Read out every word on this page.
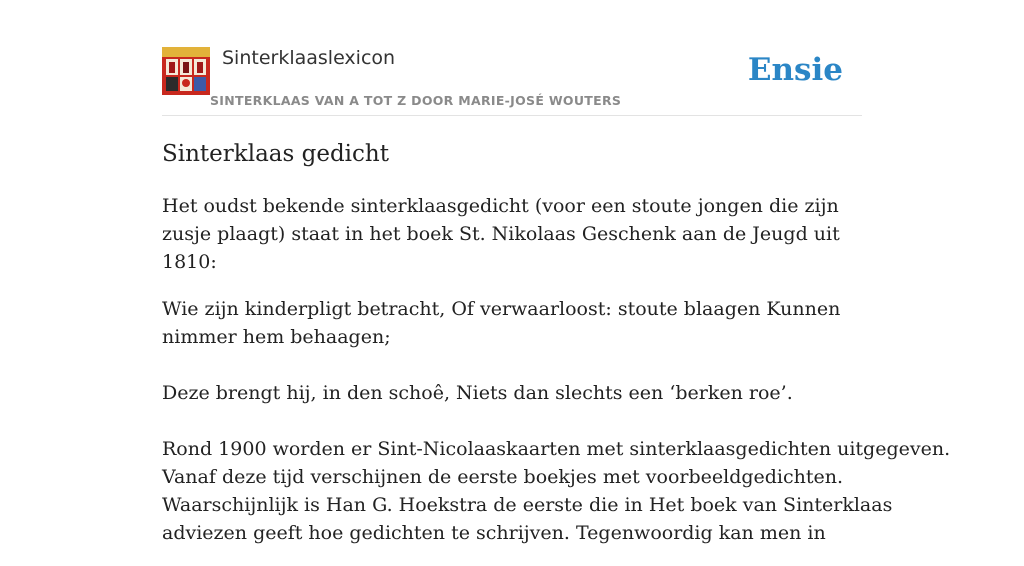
Sinterklaaslexicon
SINTERKLAAS VAN A TOT Z DOOR MARIE-JOSÉ WOUTERS
Ensie
Sinterklaas gedicht

Het oudst bekende sinterklaasgedicht (voor een stoute jongen die zijn zusje plaagt) staat in het boek St. Nikolaas Geschenk aan de Jeugd uit 1810:

Wie zijn kinderpligt betracht, Of verwaarloost: stoute blaagen Kunnen nimmer hem behaagen;

Deze brengt hij, in den schoê, Niets dan slechts een ‘berken roe’.

Rond 1900 worden er Sint-Nicolaaskaarten met sinterklaasgedichten uitgegeven.
Vanaf deze tijd verschijnen de eerste boekjes met voorbeeldgedichten.
Waarschijnlijk is Han G. Hoekstra de eerste die in Het boek van Sinterklaas
adviezen geeft hoe gedichten te schrijven. Tegenwoordig kan men in
